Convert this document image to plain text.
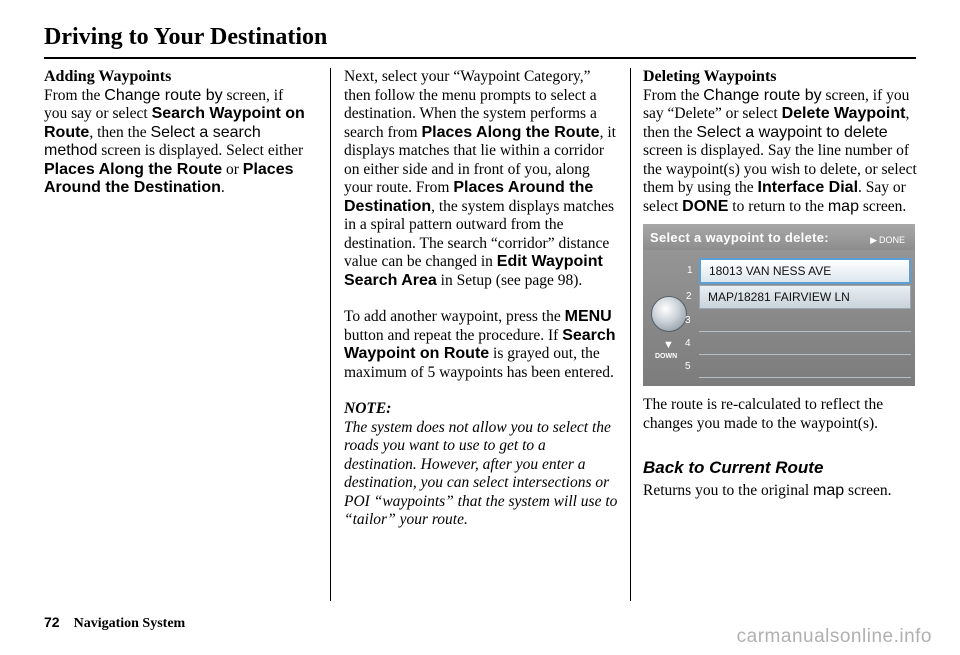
Driving to Your Destination
Adding Waypoints

From the Change route by screen, if you say or select Search Waypoint on Route, then the Select a search method screen is displayed. Select either Places Along the Route or Places Around the Destination.

Next, select your “Waypoint Category,” then follow the menu prompts to select a destination. When the system performs a search from Places Along the Route, it displays matches that lie within a corridor on either side and in front of you, along your route. From Places Around the Destination, the system displays matches in a spiral pattern outward from the destination. The search “corridor” distance value can be changed in Edit Waypoint Search Area in Setup (see page 98).

To add another waypoint, press the MENU button and repeat the procedure. If Search Waypoint on Route is grayed out, the maximum of 5 waypoints has been entered.

NOTE:

The system does not allow you to select the roads you want to use to get to a destination. However, after you enter a destination, you can select intersections or POI “waypoints” that the system will use to “tailor” your route.

Deleting Waypoints

From the Change route by screen, if you say “Delete” or select Delete Waypoint, then the Select a waypoint to delete screen is displayed. Say the line number of the waypoint(s) you wish to delete, or select them by using the Interface Dial. Say or select DONE to return to the map screen.

Select a waypoint to delete:	▶ DONE
▼
DOWN
1 18013 VAN NESS AVE
2 MAP/18281 FAIRVIEW LN
3
4
5

The route is re-calculated to reflect the changes you made to the waypoint(s).

Back to Current Route

Returns you to the original map screen.

72 Navigation System
carmanualsonline.info
